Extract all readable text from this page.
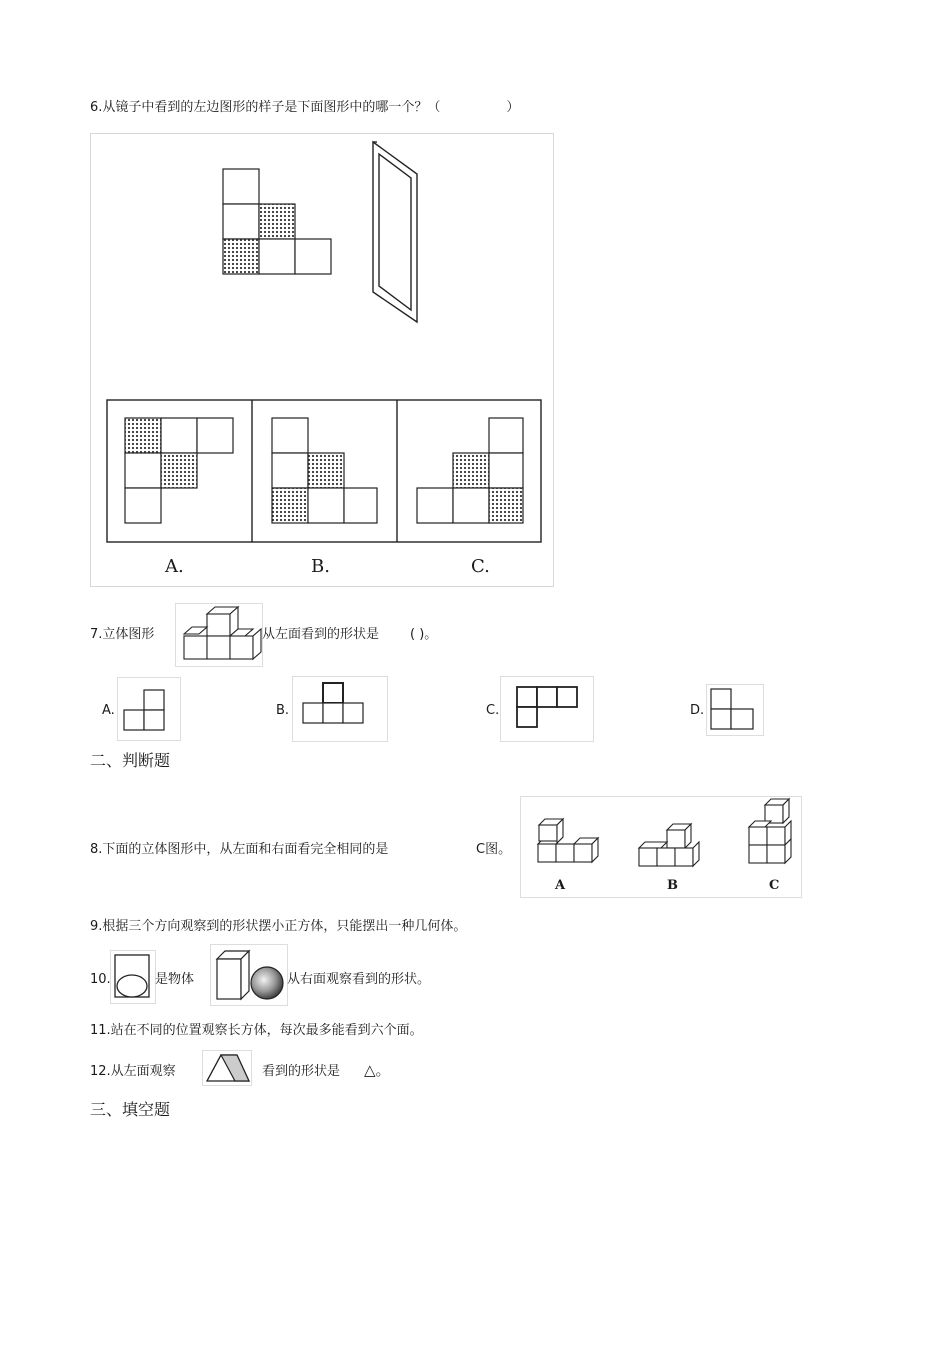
6.从镜子中看到的左边图形的样子是下面图形中的哪一个？（	）
A.	B.	C.
7.立体图形	从左面看到的形状是 ( )。
A.	B.	C.	D.
二、判断题
8.下面的立体图形中，从左面和右面看完全相同的是	C图。
A	B	C
9.根据三个方向观察到的形状摆小正方体，只能摆出一种几何体。
10.	是物体	从右面观察看到的形状。
11.站在不同的位置观察长方体，每次最多能看到六个面。
12.从左面观察	看到的形状是 △。
三、填空题
